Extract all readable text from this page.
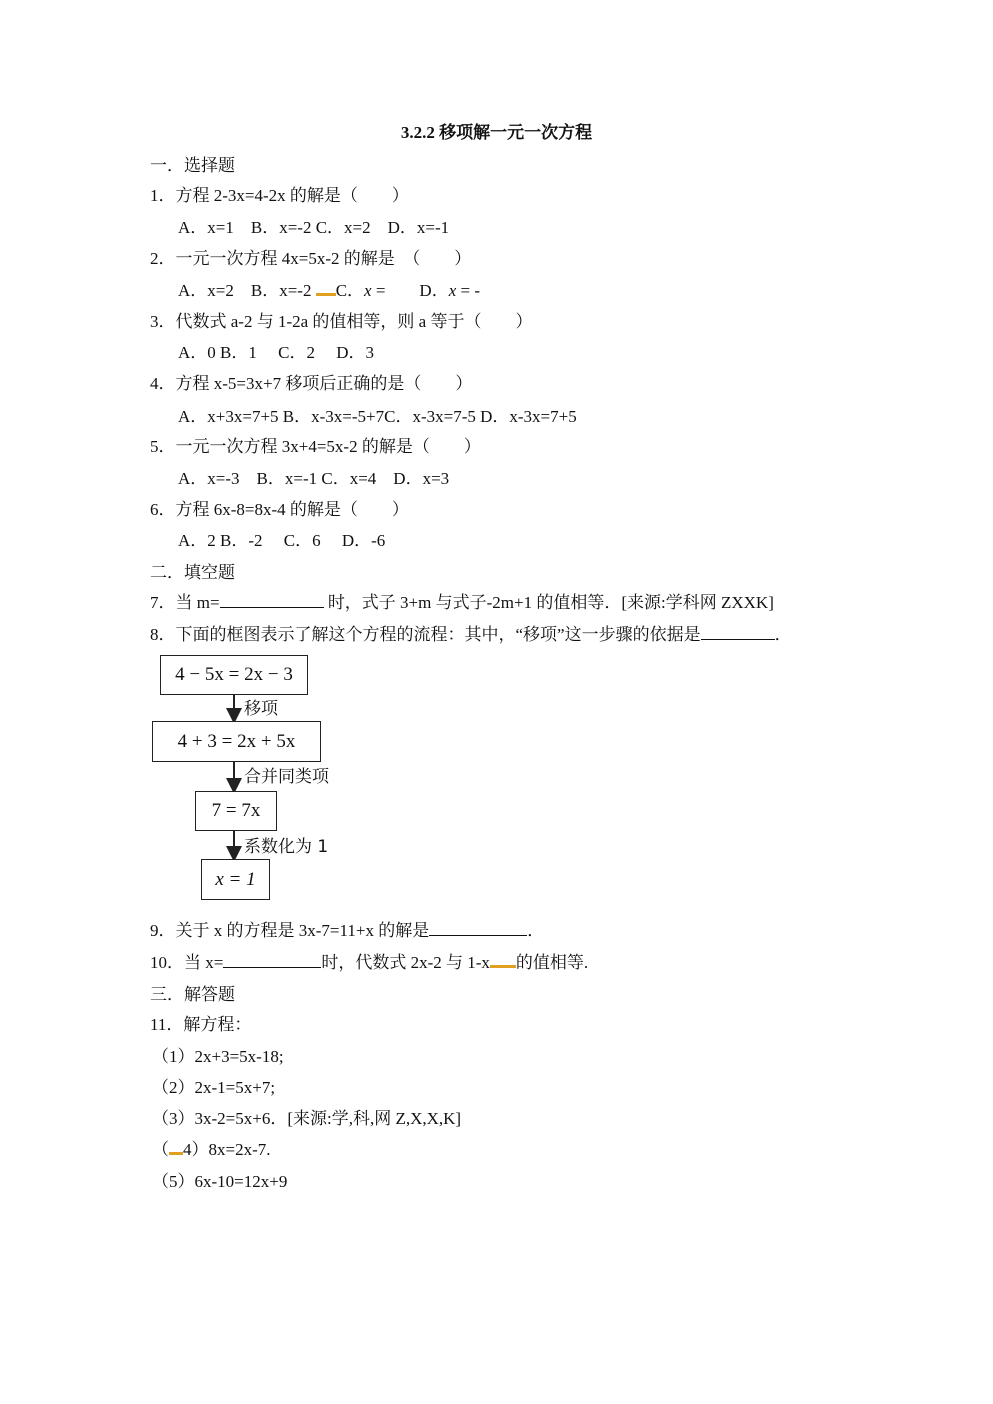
3.2.2 移项解一元一次方程
一．选择题
1．方程 2-3x=4-2x 的解是（　　）
A．x=1　B．x=-2 C．x=2　D．x=-1
2．一元一次方程 4x=5x-2 的解是　（　　）
A．x=2　B．x=-2 C．x =　　D．x = -
3．代数式 a-2 与 1-2a 的值相等，则 a 等于（　　）
A．0 B．1　 C．2　 D．3
4．方程 x-5=3x+7 移项后正确的是（　　）
A．x+3x=7+5 B．x-3x=-5+7C．x-3x=7-5 D．x-3x=7+5
5．一元一次方程 3x+4=5x-2 的解是（　　）
A．x=-3　B．x=-1 C．x=4　D．x=3
6．方程 6x-8=8x-4 的解是（　　）
A．2 B．-2　 C．6　 D．-6
二．填空题
7．当 m=	时，式子 3+m 与式子-2m+1 的值相等．[来源:学科网 ZXXK]
8．下面的框图表示了解这个方程的流程：其中，“移项”这一步骤的依据是	．
4 − 5x = 2x − 3
移项
4 + 3 = 2x + 5x
合并同类项
7 = 7x
系数化为 1
x = 1
9．关于 x 的方程是 3x-7=11+x 的解是	．
10．当 x=	时，代数式 2x-2 与 1-x 的值相等.
三．解答题
11．解方程：
（1）2x+3=5x-18;
（2）2x-1=5x+7;
（3）3x-2=5x+6．[来源:学,科,网 Z,X,X,K]
（ 4）8x=2x-7.
（5）6x-10=12x+9
